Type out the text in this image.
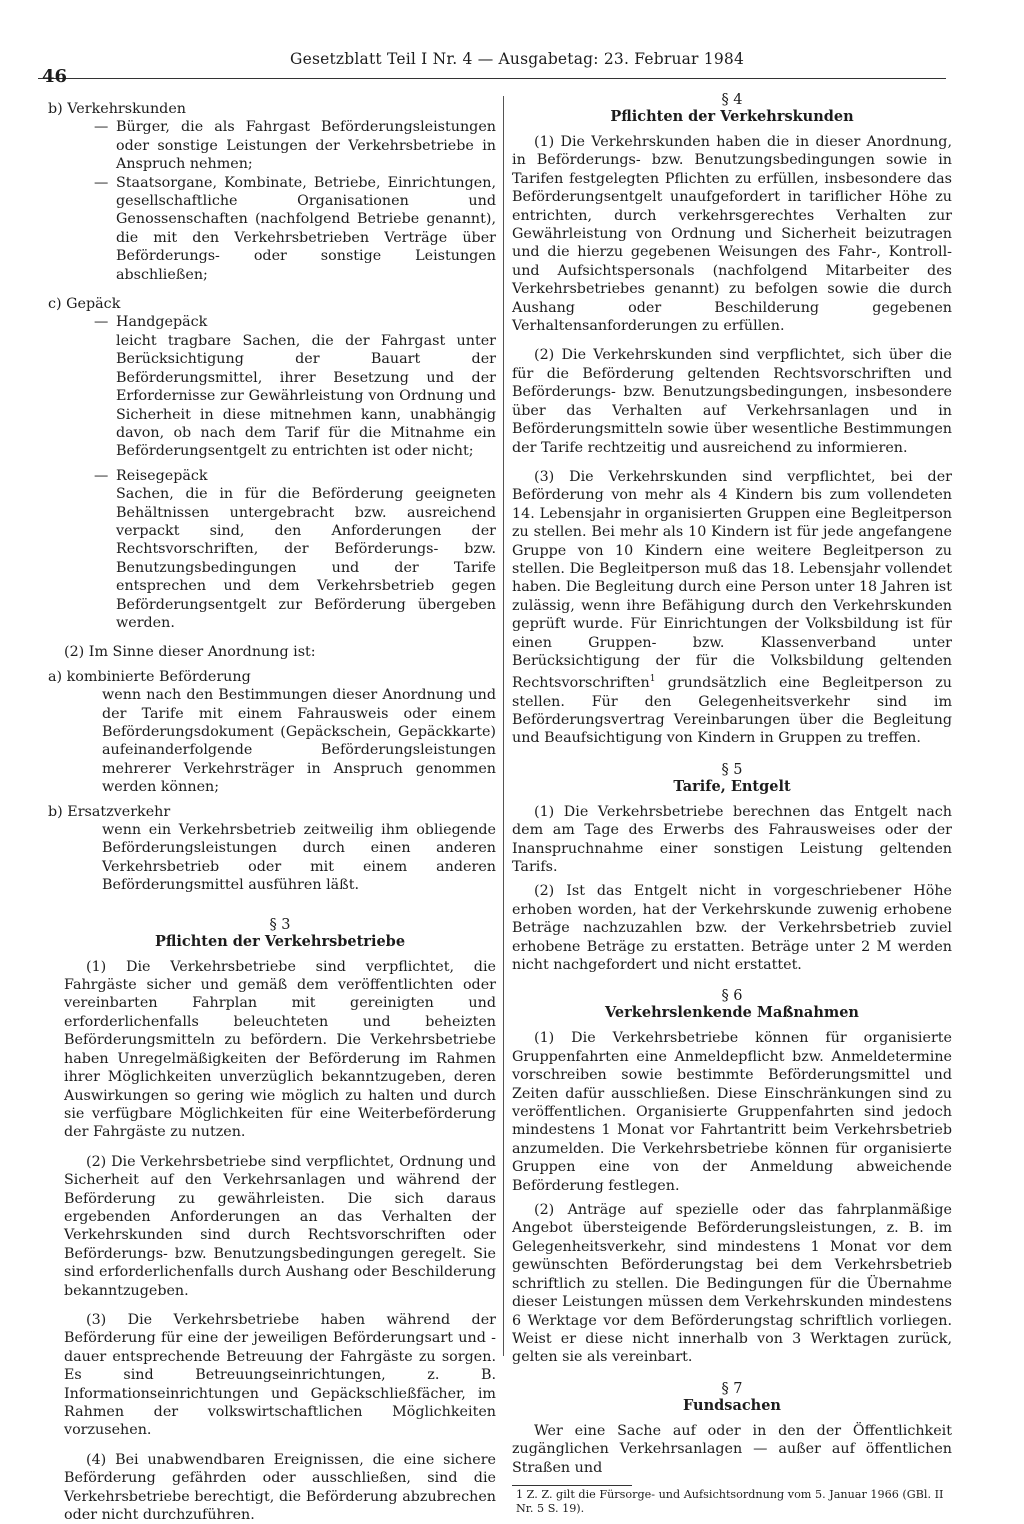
46
Gesetzblatt Teil I Nr. 4 — Ausgabetag: 23. Februar 1984
b) Verkehrskunden
— Bürger, die als Fahrgast Beförderungsleistungen oder sonstige Leistungen der Verkehrsbetriebe in Anspruch nehmen;
— Staatsorgane, Kombinate, Betriebe, Einrichtungen, gesellschaftliche Organisationen und Genossenschaften (nachfolgend Betriebe genannt), die mit den Verkehrsbetrieben Verträge über Beförderungs- oder sonstige Leistungen abschließen;
c) Gepäck
— Handgepäck
leicht tragbare Sachen, die der Fahrgast unter Berücksichtigung der Bauart der Beförderungsmittel, ihrer Besetzung und der Erfordernisse zur Gewährleistung von Ordnung und Sicherheit in diese mitnehmen kann, unabhängig davon, ob nach dem Tarif für die Mitnahme ein Beförderungsentgelt zu entrichten ist oder nicht;
— Reisegepäck
Sachen, die in für die Beförderung geeigneten Behältnissen untergebracht bzw. ausreichend verpackt sind, den Anforderungen der Rechtsvorschriften, der Beförderungs- bzw. Benutzungsbedingungen und der Tarife entsprechen und dem Verkehrsbetrieb gegen Beförderungsentgelt zur Beförderung übergeben werden.
(2) Im Sinne dieser Anordnung ist:
a) kombinierte Beförderung
wenn nach den Bestimmungen dieser Anordnung und der Tarife mit einem Fahrausweis oder einem Beförderungsdokument (Gepäckschein, Gepäckkarte) aufeinanderfolgende Beförderungsleistungen mehrerer Verkehrsträger in Anspruch genommen werden können;
b) Ersatzverkehr
wenn ein Verkehrsbetrieb zeitweilig ihm obliegende Beförderungsleistungen durch einen anderen Verkehrsbetrieb oder mit einem anderen Beförderungsmittel ausführen läßt.
§ 3
Pflichten der Verkehrsbetriebe
(1) Die Verkehrsbetriebe sind verpflichtet, die Fahrgäste sicher und gemäß dem veröffentlichten oder vereinbarten Fahrplan mit gereinigten und erforderlichenfalls beleuchteten und beheizten Beförderungsmitteln zu befördern. Die Verkehrsbetriebe haben Unregelmäßigkeiten der Beförderung im Rahmen ihrer Möglichkeiten unverzüglich bekanntzugeben, deren Auswirkungen so gering wie möglich zu halten und durch sie verfügbare Möglichkeiten für eine Weiterbeförderung der Fahrgäste zu nutzen.
(2) Die Verkehrsbetriebe sind verpflichtet, Ordnung und Sicherheit auf den Verkehrsanlagen und während der Beförderung zu gewährleisten. Die sich daraus ergebenden Anforderungen an das Verhalten der Verkehrskunden sind durch Rechtsvorschriften oder Beförderungs- bzw. Benutzungsbedingungen geregelt. Sie sind erforderlichenfalls durch Aushang oder Beschilderung bekanntzugeben.
(3) Die Verkehrsbetriebe haben während der Beförderung für eine der jeweiligen Beförderungsart und -dauer entsprechende Betreuung der Fahrgäste zu sorgen. Es sind Betreuungseinrichtungen, z. B. Informationseinrichtungen und Gepäckschließfächer, im Rahmen der volkswirtschaftlichen Möglichkeiten vorzusehen.
(4) Bei unabwendbaren Ereignissen, die eine sichere Beförderung gefährden oder ausschließen, sind die Verkehrsbetriebe berechtigt, die Beförderung abzubrechen oder nicht durchzuführen.
§ 4
Pflichten der Verkehrskunden
(1) Die Verkehrskunden haben die in dieser Anordnung, in Beförderungs- bzw. Benutzungsbedingungen sowie in Tarifen festgelegten Pflichten zu erfüllen, insbesondere das Beförderungsentgelt unaufgefordert in tariflicher Höhe zu entrichten, durch verkehrsgerechtes Verhalten zur Gewährleistung von Ordnung und Sicherheit beizutragen und die hierzu gegebenen Weisungen des Fahr-, Kontroll- und Aufsichtspersonals (nachfolgend Mitarbeiter des Verkehrsbetriebes genannt) zu befolgen sowie die durch Aushang oder Beschilderung gegebenen Verhaltensanforderungen zu erfüllen.
(2) Die Verkehrskunden sind verpflichtet, sich über die für die Beförderung geltenden Rechtsvorschriften und Beförderungs- bzw. Benutzungsbedingungen, insbesondere über das Verhalten auf Verkehrsanlagen und in Beförderungsmitteln sowie über wesentliche Bestimmungen der Tarife rechtzeitig und ausreichend zu informieren.
(3) Die Verkehrskunden sind verpflichtet, bei der Beförderung von mehr als 4 Kindern bis zum vollendeten 14. Lebensjahr in organisierten Gruppen eine Begleitperson zu stellen. Bei mehr als 10 Kindern ist für jede angefangene Gruppe von 10 Kindern eine weitere Begleitperson zu stellen. Die Begleitperson muß das 18. Lebensjahr vollendet haben. Die Begleitung durch eine Person unter 18 Jahren ist zulässig, wenn ihre Befähigung durch den Verkehrskunden geprüft wurde. Für Einrichtungen der Volksbildung ist für einen Gruppen- bzw. Klassenverband unter Berücksichtigung der für die Volksbildung geltenden Rechtsvorschriften$^1$ grundsätzlich eine Begleitperson zu stellen. Für den Gelegenheitsverkehr sind im Beförderungsvertrag Vereinbarungen über die Begleitung und Beaufsichtigung von Kindern in Gruppen zu treffen.
§ 5
Tarife, Entgelt
(1) Die Verkehrsbetriebe berechnen das Entgelt nach dem am Tage des Erwerbs des Fahrausweises oder der Inanspruchnahme einer sonstigen Leistung geltenden Tarifs.
(2) Ist das Entgelt nicht in vorgeschriebener Höhe erhoben worden, hat der Verkehrskunde zuwenig erhobene Beträge nachzuzahlen bzw. der Verkehrsbetrieb zuviel erhobene Beträge zu erstatten. Beträge unter 2 M werden nicht nachgefordert und nicht erstattet.
§ 6
Verkehrslenkende Maßnahmen
(1) Die Verkehrsbetriebe können für organisierte Gruppenfahrten eine Anmeldepflicht bzw. Anmeldetermine vorschreiben sowie bestimmte Beförderungsmittel und Zeiten dafür ausschließen. Diese Einschränkungen sind zu veröffentlichen. Organisierte Gruppenfahrten sind jedoch mindestens 1 Monat vor Fahrtantritt beim Verkehrsbetrieb anzumelden. Die Verkehrsbetriebe können für organisierte Gruppen eine von der Anmeldung abweichende Beförderung festlegen.
(2) Anträge auf spezielle oder das fahrplanmäßige Angebot übersteigende Beförderungsleistungen, z. B. im Gelegenheitsverkehr, sind mindestens 1 Monat vor dem gewünschten Beförderungstag bei dem Verkehrsbetrieb schriftlich zu stellen. Die Bedingungen für die Übernahme dieser Leistungen müssen dem Verkehrskunden mindestens 6 Werktage vor dem Beförderungstag schriftlich vorliegen. Weist er diese nicht innerhalb von 3 Werktagen zurück, gelten sie als vereinbart.
§ 7
Fundsachen
Wer eine Sache auf oder in den der Öffentlichkeit zugänglichen Verkehrsanlagen — außer auf öffentlichen Straßen und
1 Z. Z. gilt die Fürsorge- und Aufsichtsordnung vom 5. Januar 1966 (GBl. II Nr. 5 S. 19).
